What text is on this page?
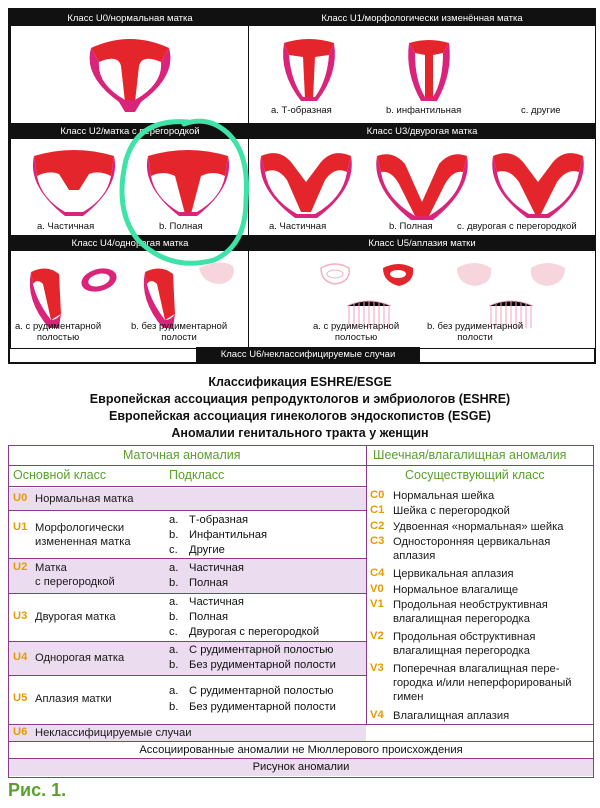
Класс U0/нормальная матка	Класс U1/морфологически изменённая матка
a. Т-образная	b. инфантильная	c. другие
Класс U2/матка с перегородкой
a. Частичная	b. Полная
Класс U3/двурогая матка
a. Частичная	b. Полная	c. двурогая с перегородкой
Класс U4/однорогая матка
a. с рудиментарной
полостью
b. без рудиментарной
полости
Класс U5/аплазия матки
a. с рудиментарной
полостью
b. без рудиментарной
полости
Класс U6/неклассифицируемые случаи
Классификация ESHRE/ESGE
Европейская ассоциация репродуктологов и эмбриологов (ESHRE)
Европейская ассоциация гинекологов эндоскопистов (ESGE)
Аномалии генитального тракта у женщин
Маточная аномалия	Шеечная/влагалищная аномалия
Основной класс	Подкласс	Сосуществующий класс
U0 Нормальная матка
U1 Морфологически
измененная матка
a. Т-образная
b. Инфантильная
c. Другие
U2 Матка
с перегородкой
a. Частичная
b. Полная
U3 Двурогая матка
a. Частичная
b. Полная
c. Двурогая с перегородкой
U4 Однорогая матка
a. С рудиментарной полостью
b. Без рудиментарной полости
U5 Аплазия матки
a. С рудиментарной полостью
b. Без рудиментарной полости
U6 Неклассифицируемые случаи
C0 Нормальная шейка
C1 Шейка с перегородкой
C2 Удвоенная «нормальная» шейка
C3 Односторонняя цервикальная
аплазия
C4 Цервикальная аплазия
V0 Нормальное влагалище
V1 Продольная необструктивная
влагалищная перегородка
V2 Продольная обструктивная
влагалищная перегородка
V3 Поперечная влагалищная пере-
городка и/или неперфорированый
гимен
V4 Влагалищная аплазия
Ассоциированные аномалии не Мюллерового происхождения
Рисунок аномалии
Рис. 1.
